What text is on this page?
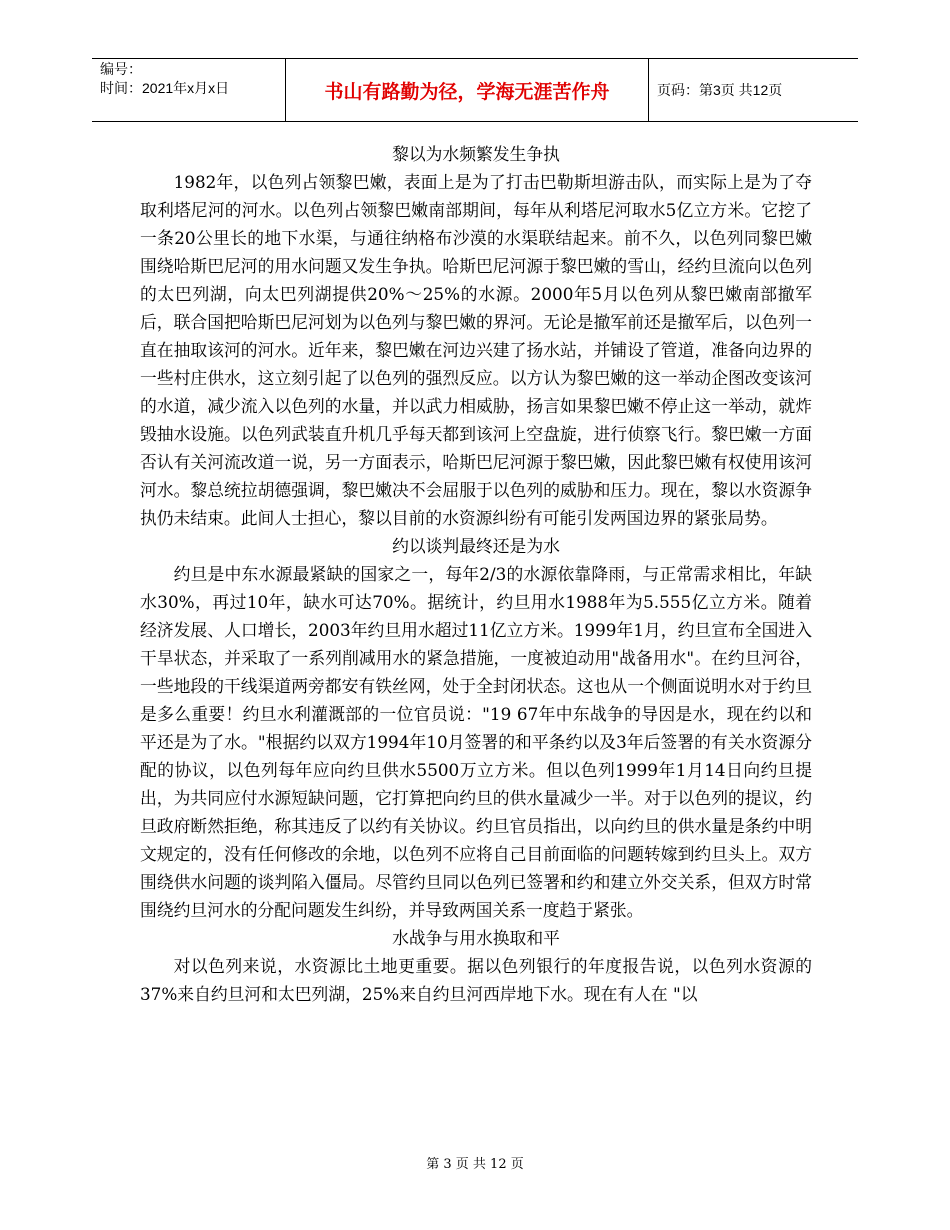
编号：
时间：2021年x月x日	书山有路勤为径，学海无涯苦作舟	页码：第3页 共12页

黎以为水频繁发生争执

1982年，以色列占领黎巴嫩，表面上是为了打击巴勒斯坦游击队，而实际上是为了夺取利塔尼河的河水。以色列占领黎巴嫩南部期间，每年从利塔尼河取水5亿立方米。它挖了一条20公里长的地下水渠，与通往纳格布沙漠的水渠联结起来。前不久，以色列同黎巴嫩围绕哈斯巴尼河的用水问题又发生争执。哈斯巴尼河源于黎巴嫩的雪山，经约旦流向以色列的太巴列湖，向太巴列湖提供20%～25%的水源。2000年5月以色列从黎巴嫩南部撤军后，联合国把哈斯巴尼河划为以色列与黎巴嫩的界河。无论是撤军前还是撤军后，以色列一直在抽取该河的河水。近年来，黎巴嫩在河边兴建了扬水站，并铺设了管道，准备向边界的一些村庄供水，这立刻引起了以色列的强烈反应。以方认为黎巴嫩的这一举动企图改变该河的水道，减少流入以色列的水量，并以武力相威胁，扬言如果黎巴嫩不停止这一举动，就炸毁抽水设施。以色列武装直升机几乎每天都到该河上空盘旋，进行侦察飞行。黎巴嫩一方面否认有关河流改道一说，另一方面表示，哈斯巴尼河源于黎巴嫩，因此黎巴嫩有权使用该河河水。黎总统拉胡德强调，黎巴嫩决不会屈服于以色列的威胁和压力。现在，黎以水资源争执仍未结束。此间人士担心，黎以目前的水资源纠纷有可能引发两国边界的紧张局势。

约以谈判最终还是为水

约旦是中东水源最紧缺的国家之一，每年2/3的水源依靠降雨，与正常需求相比，年缺水30%，再过10年，缺水可达70%。据统计，约旦用水1988年为5.555亿立方米。随着经济发展、人口增长，2003年约旦用水超过11亿立方米。1999年1月，约旦宣布全国进入干旱状态，并采取了一系列削减用水的紧急措施，一度被迫动用"战备用水"。在约旦河谷，一些地段的干线渠道两旁都安有铁丝网，处于全封闭状态。这也从一个侧面说明水对于约旦是多么重要！约旦水利灌溉部的一位官员说："19 67年中东战争的导因是水，现在约以和平还是为了水。"根据约以双方1994年10月签署的和平条约以及3年后签署的有关水资源分配的协议，以色列每年应向约旦供水5500万立方米。但以色列1999年1月14日向约旦提出，为共同应付水源短缺问题，它打算把向约旦的供水量减少一半。对于以色列的提议，约旦政府断然拒绝，称其违反了以约有关协议。约旦官员指出，以向约旦的供水量是条约中明文规定的，没有任何修改的余地，以色列不应将自己目前面临的问题转嫁到约旦头上。双方围绕供水问题的谈判陷入僵局。尽管约旦同以色列已签署和约和建立外交关系，但双方时常围绕约旦河水的分配问题发生纠纷，并导致两国关系一度趋于紧张。

水战争与用水换取和平

对以色列来说，水资源比土地更重要。据以色列银行的年度报告说，以色列水资源的37%来自约旦河和太巴列湖，25%来自约旦河西岸地下水。现在有人在 "以

第 3 页 共 12 页
